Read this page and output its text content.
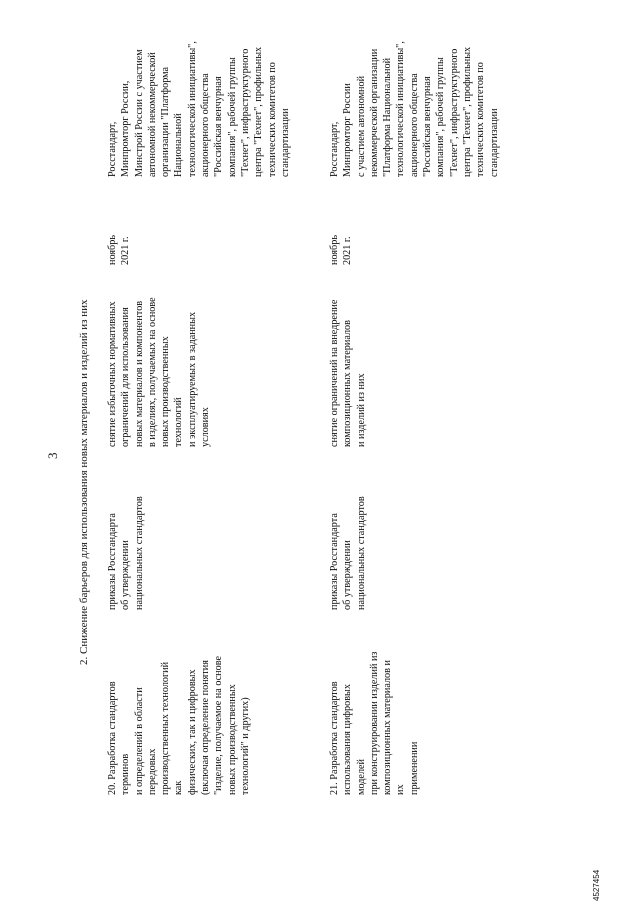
3 2. Снижение барьеров для использования новых материалов и изделий из них
20. Разработка стандартов терминов
и определений в области передовых
производственных технологий как
физических, так и цифровых
(включая определение понятия
"изделие, получаемое на основе
новых производственных
технологий" и других)
приказы Росстандарта
об утверждении
национальных стандартов
снятие избыточных нормативных
ограничений для использования
новых материалов и компонентов
в изделиях, получаемых на основе
новых производственных технологий
и эксплуатируемых в заданных
условиях
ноябрь
2021 г.
Росстандарт,
Минпромторг России,
Минстрой России с участием
автономной некоммерческой
организации "Платформа
Национальной
технологической инициативы",
акционерного общества
"Российская венчурная
компания", рабочей группы
"Технет", инфраструктурного
центра "Технет", профильных
технических комитетов по
стандартизации
21. Разработка стандартов
использования цифровых моделей
при конструировании изделий из
композиционных материалов и их
применении
приказы Росстандарта
об утверждении
национальных стандартов
снятие ограничений на внедрение
композиционных материалов
и изделий из них
ноябрь
2021 г.
Росстандарт,
Минпромторг России
с участием автономной
некоммерческой организации
"Платформа Национальной
технологической инициативы",
акционерного общества
"Российская венчурная
компания", рабочей группы
"Технет", инфраструктурного
центра "Технет", профильных
технических комитетов по
стандартизации
4527454
